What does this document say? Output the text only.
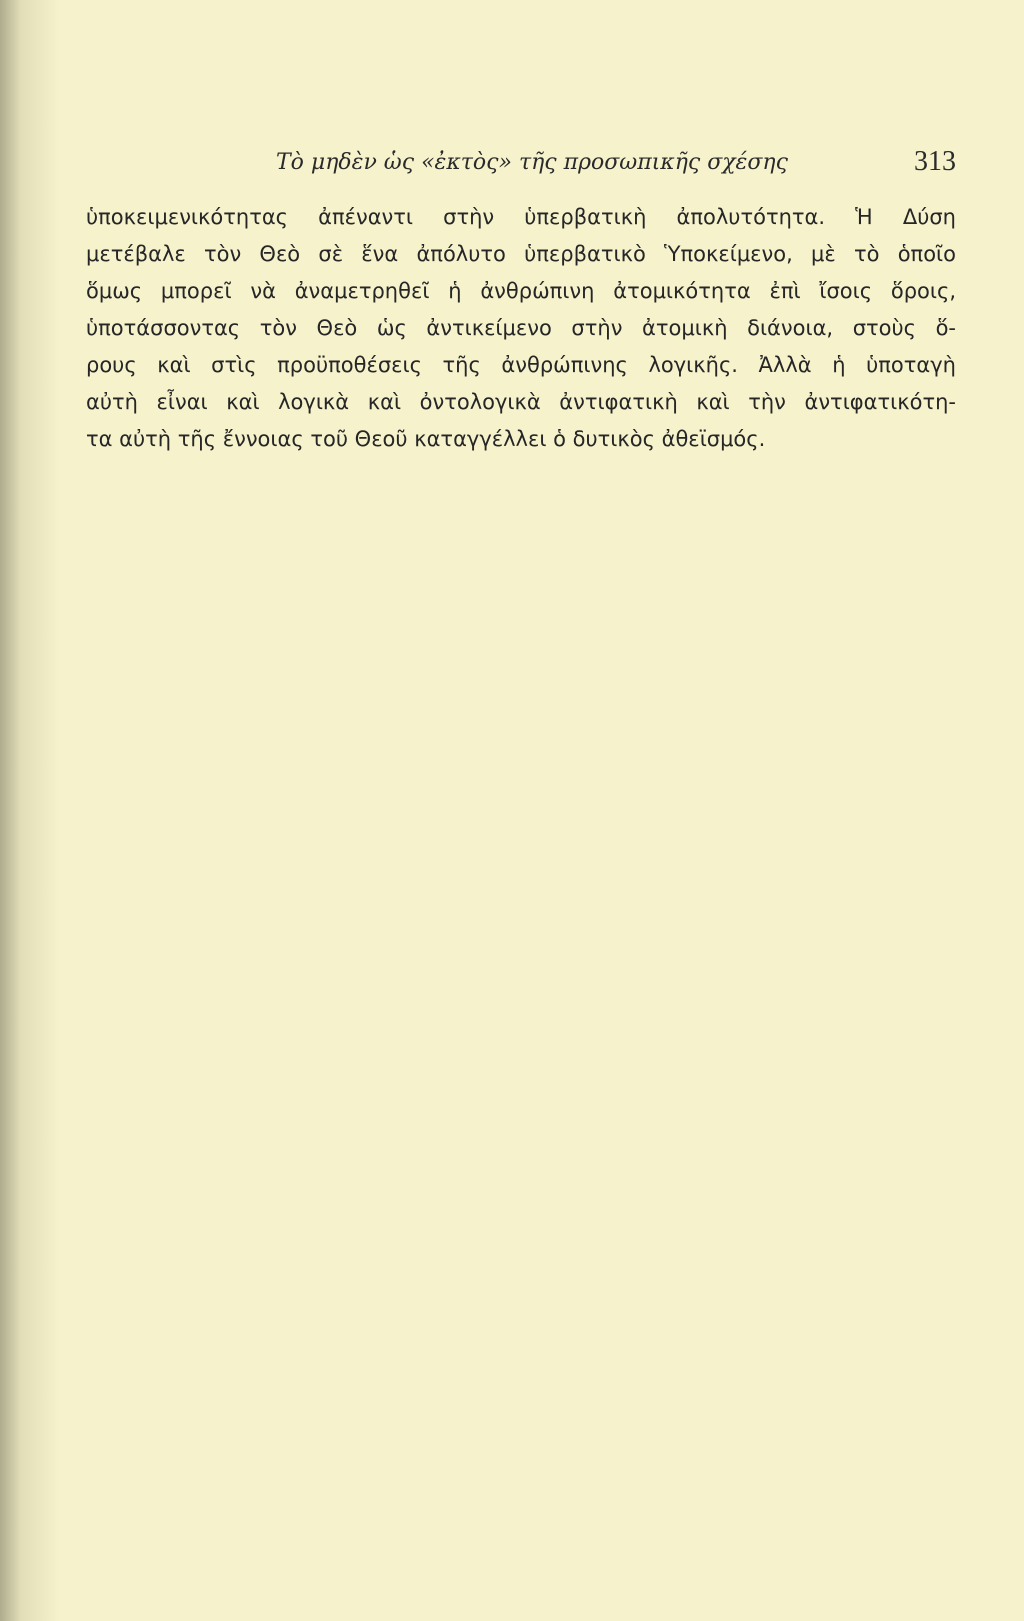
Τὸ μηδὲν ὡς «ἐκτὸς» τῆς προσωπικῆς σχέσης	313
ὑποκειμενικότητας ἀπέναντι στὴν ὑπερβατικὴ ἀπολυτότητα. Ἡ Δύση
μετέβαλε τὸν Θεὸ σὲ ἕνα ἀπόλυτο ὑπερβατικὸ Ὑποκείμενο, μὲ τὸ ὁποῖο
ὅμως μπορεῖ νὰ ἀναμετρηθεῖ ἡ ἀνθρώπινη ἀτομικότητα ἐπὶ ἴσοις ὅροις,
ὑποτάσσοντας τὸν Θεὸ ὡς ἀντικείμενο στὴν ἀτομικὴ διάνοια, στοὺς ὅ-
ρους καὶ στὶς προϋποθέσεις τῆς ἀνθρώπινης λογικῆς. Ἀλλὰ ἡ ὑποταγὴ
αὐτὴ εἶναι καὶ λογικὰ καὶ ὀντολογικὰ ἀντιφατικὴ καὶ τὴν ἀντιφατικότη-
τα αὐτὴ τῆς ἔννοιας τοῦ Θεοῦ καταγγέλλει ὁ δυτικὸς ἀθεϊσμός.
